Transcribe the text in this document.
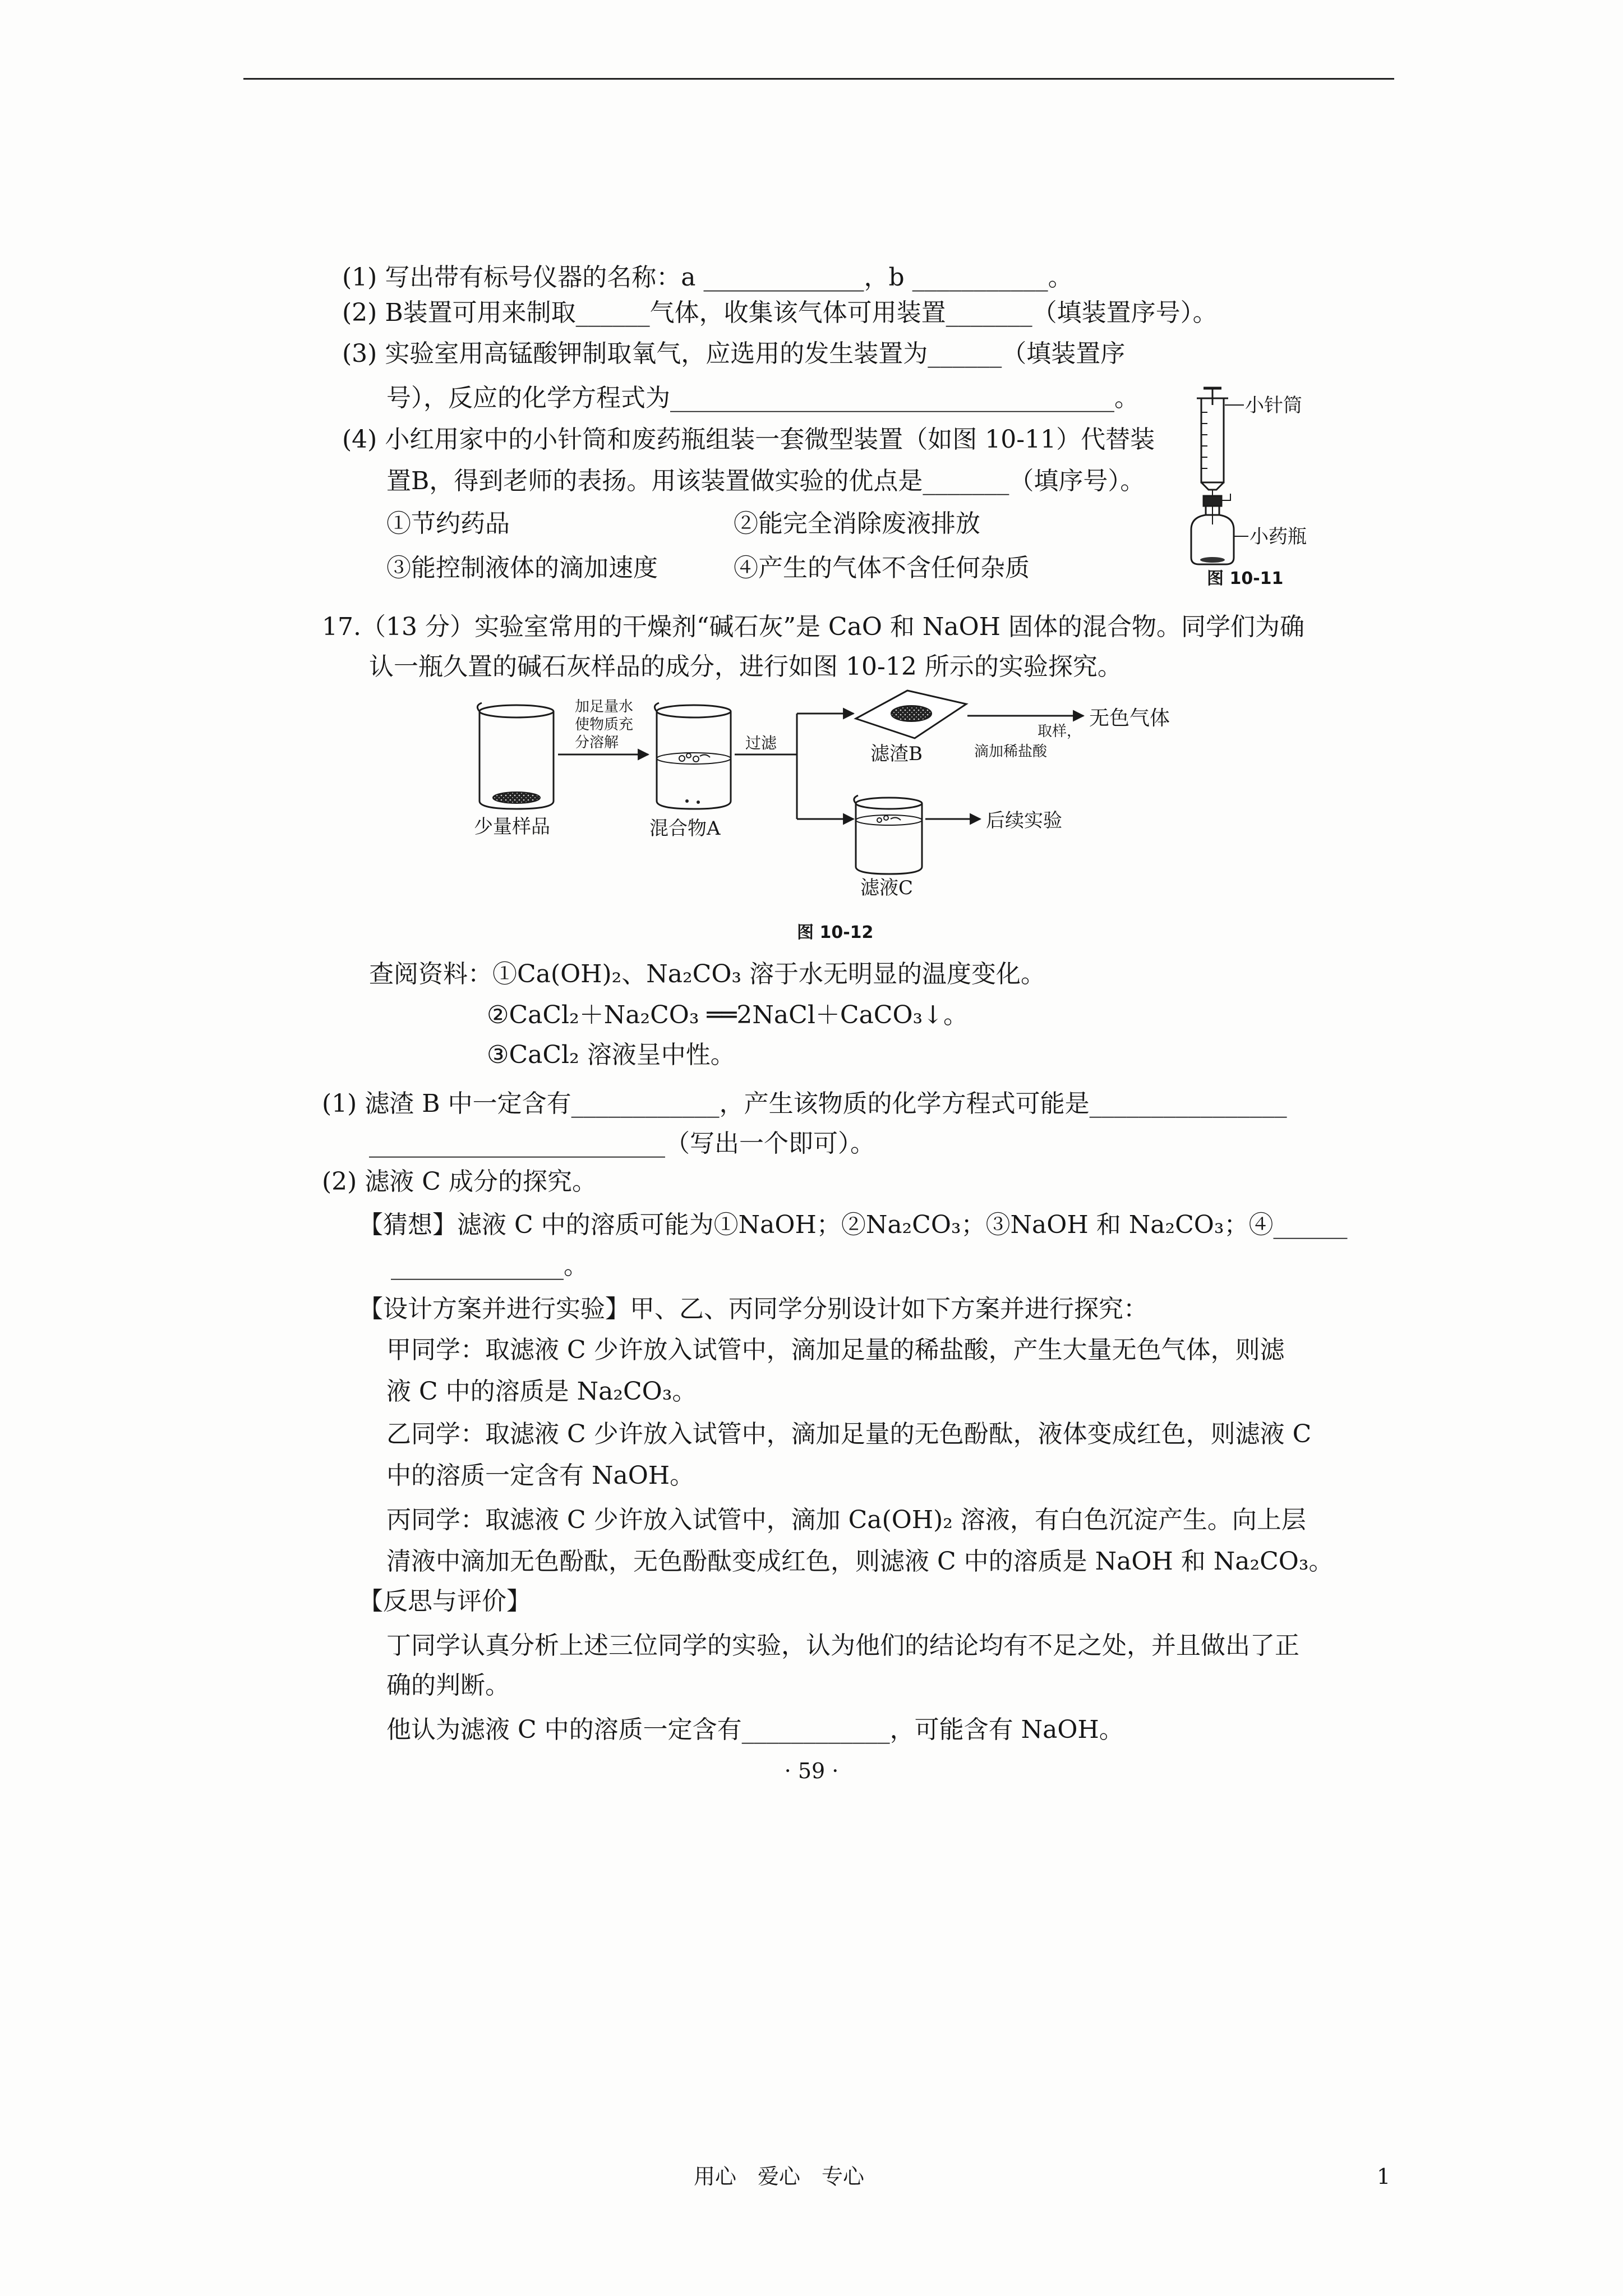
(1) 写出带有标号仪器的名称：a _____________，b ___________。
(2) B装置可用来制取______气体，收集该气体可用装置_______（填装置序号）。
(3) 实验室用高锰酸钾制取氧气，应选用的发生装置为______（填装置序
号），反应的化学方程式为____________________________________。
(4) 小红用家中的小针筒和废药瓶组装一套微型装置（如图 10-11）代替装
置B，得到老师的表扬。用该装置做实验的优点是_______（填序号）。
①节约药品	②能完全消除废液排放
③能控制液体的滴加速度	④产生的气体不含任何杂质
小针筒
小药瓶
图 10-11
17.（13 分）实验室常用的干燥剂“碱石灰”是 CaO 和 NaOH 固体的混合物。同学们为确
认一瓶久置的碱石灰样品的成分，进行如图 10-12 所示的实验探究。
加足量水
使物质充
分溶解	过滤
少量样品	混合物A
滤渣B
取样，
滴加稀盐酸
无色气体
后续实验
滤液C
图 10-12
查阅资料：①Ca(OH)₂、Na₂CO₃ 溶于水无明显的温度变化。
②CaCl₂＋Na₂CO₃ ══2NaCl＋CaCO₃↓。
③CaCl₂ 溶液呈中性。
(1) 滤渣 B 中一定含有____________，产生该物质的化学方程式可能是________________
________________________（写出一个即可）。
(2) 滤液 C 成分的探究。
【猜想】滤液 C 中的溶质可能为①NaOH；②Na₂CO₃；③NaOH 和 Na₂CO₃；④______
______________。
【设计方案并进行实验】甲、乙、丙同学分别设计如下方案并进行探究：
甲同学：取滤液 C 少许放入试管中，滴加足量的稀盐酸，产生大量无色气体，则滤
液 C 中的溶质是 Na₂CO₃。
乙同学：取滤液 C 少许放入试管中，滴加足量的无色酚酞，液体变成红色，则滤液 C
中的溶质一定含有 NaOH。
丙同学：取滤液 C 少许放入试管中，滴加 Ca(OH)₂ 溶液，有白色沉淀产生。向上层
清液中滴加无色酚酞，无色酚酞变成红色，则滤液 C 中的溶质是 NaOH 和 Na₂CO₃。
【反思与评价】
丁同学认真分析上述三位同学的实验，认为他们的结论均有不足之处，并且做出了正
确的判断。
他认为滤液 C 中的溶质一定含有____________，可能含有 NaOH。
· 59 ·
用心　爱心　专心	1
